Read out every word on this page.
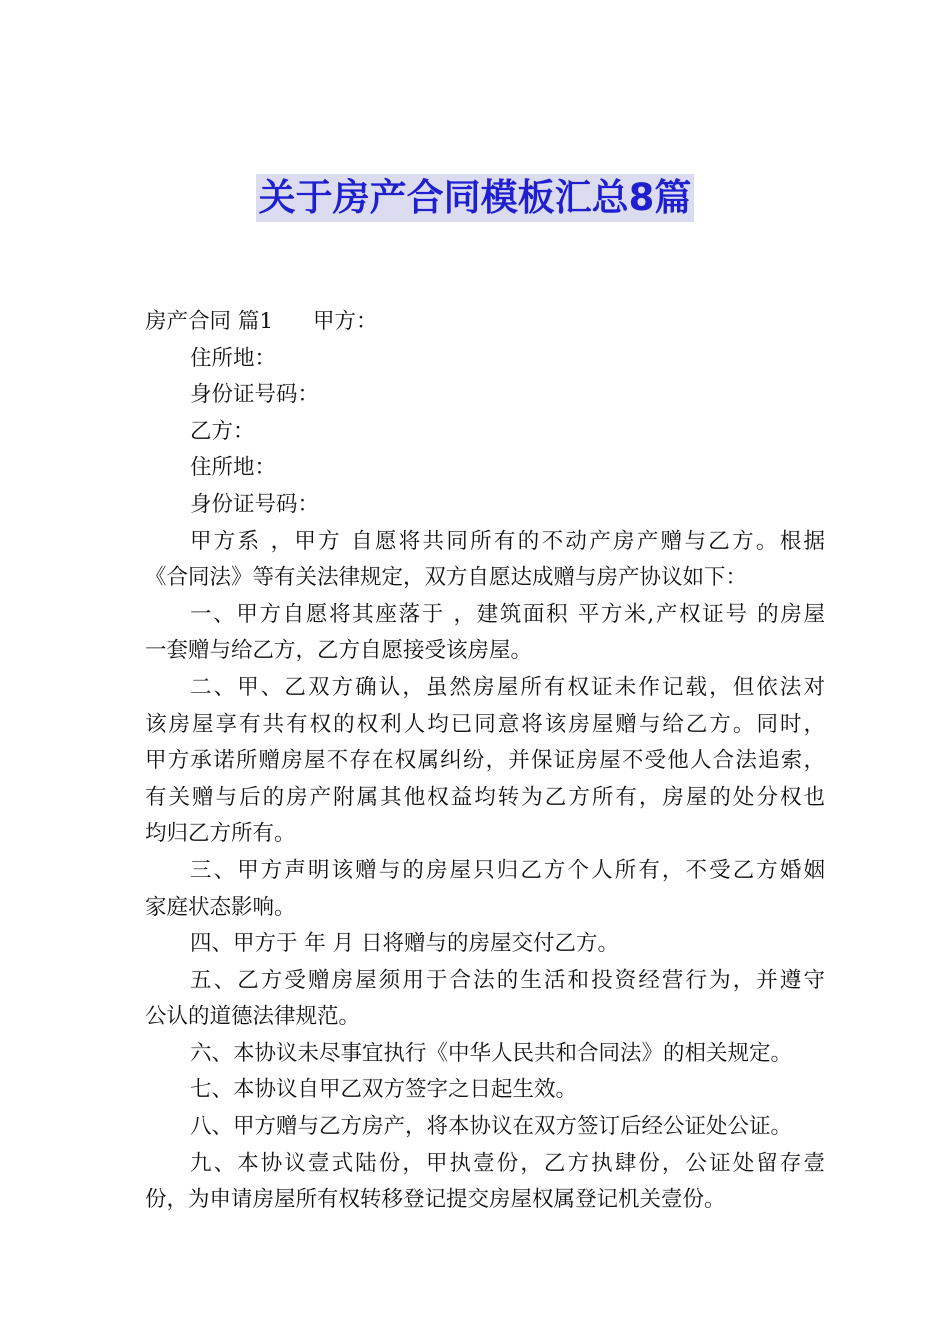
关于房产合同模板汇总8篇
房产合同 篇1 甲方：
住所地：
身份证号码：
乙方：
住所地：
身份证号码：
甲方系 ，甲方 自愿将共同所有的不动产房产赠与乙方。根据
《合同法》等有关法律规定，双方自愿达成赠与房产协议如下：
一、甲方自愿将其座落于 ，建筑面积 平方米,产权证号 的房屋
一套赠与给乙方，乙方自愿接受该房屋。
二、甲、乙双方确认，虽然房屋所有权证未作记载，但依法对
该房屋享有共有权的权利人均已同意将该房屋赠与给乙方。同时，
甲方承诺所赠房屋不存在权属纠纷，并保证房屋不受他人合法追索，
有关赠与后的房产附属其他权益均转为乙方所有，房屋的处分权也
均归乙方所有。
三、甲方声明该赠与的房屋只归乙方个人所有，不受乙方婚姻
家庭状态影响。
四、甲方于 年 月 日将赠与的房屋交付乙方。
五、乙方受赠房屋须用于合法的生活和投资经营行为，并遵守
公认的道德法律规范。
六、本协议未尽事宜执行《中华人民共和合同法》的相关规定。
七、本协议自甲乙双方签字之日起生效。
八、甲方赠与乙方房产，将本协议在双方签订后经公证处公证。
九、本协议壹式陆份，甲执壹份，乙方执肆份，公证处留存壹
份，为申请房屋所有权转移登记提交房屋权属登记机关壹份。
